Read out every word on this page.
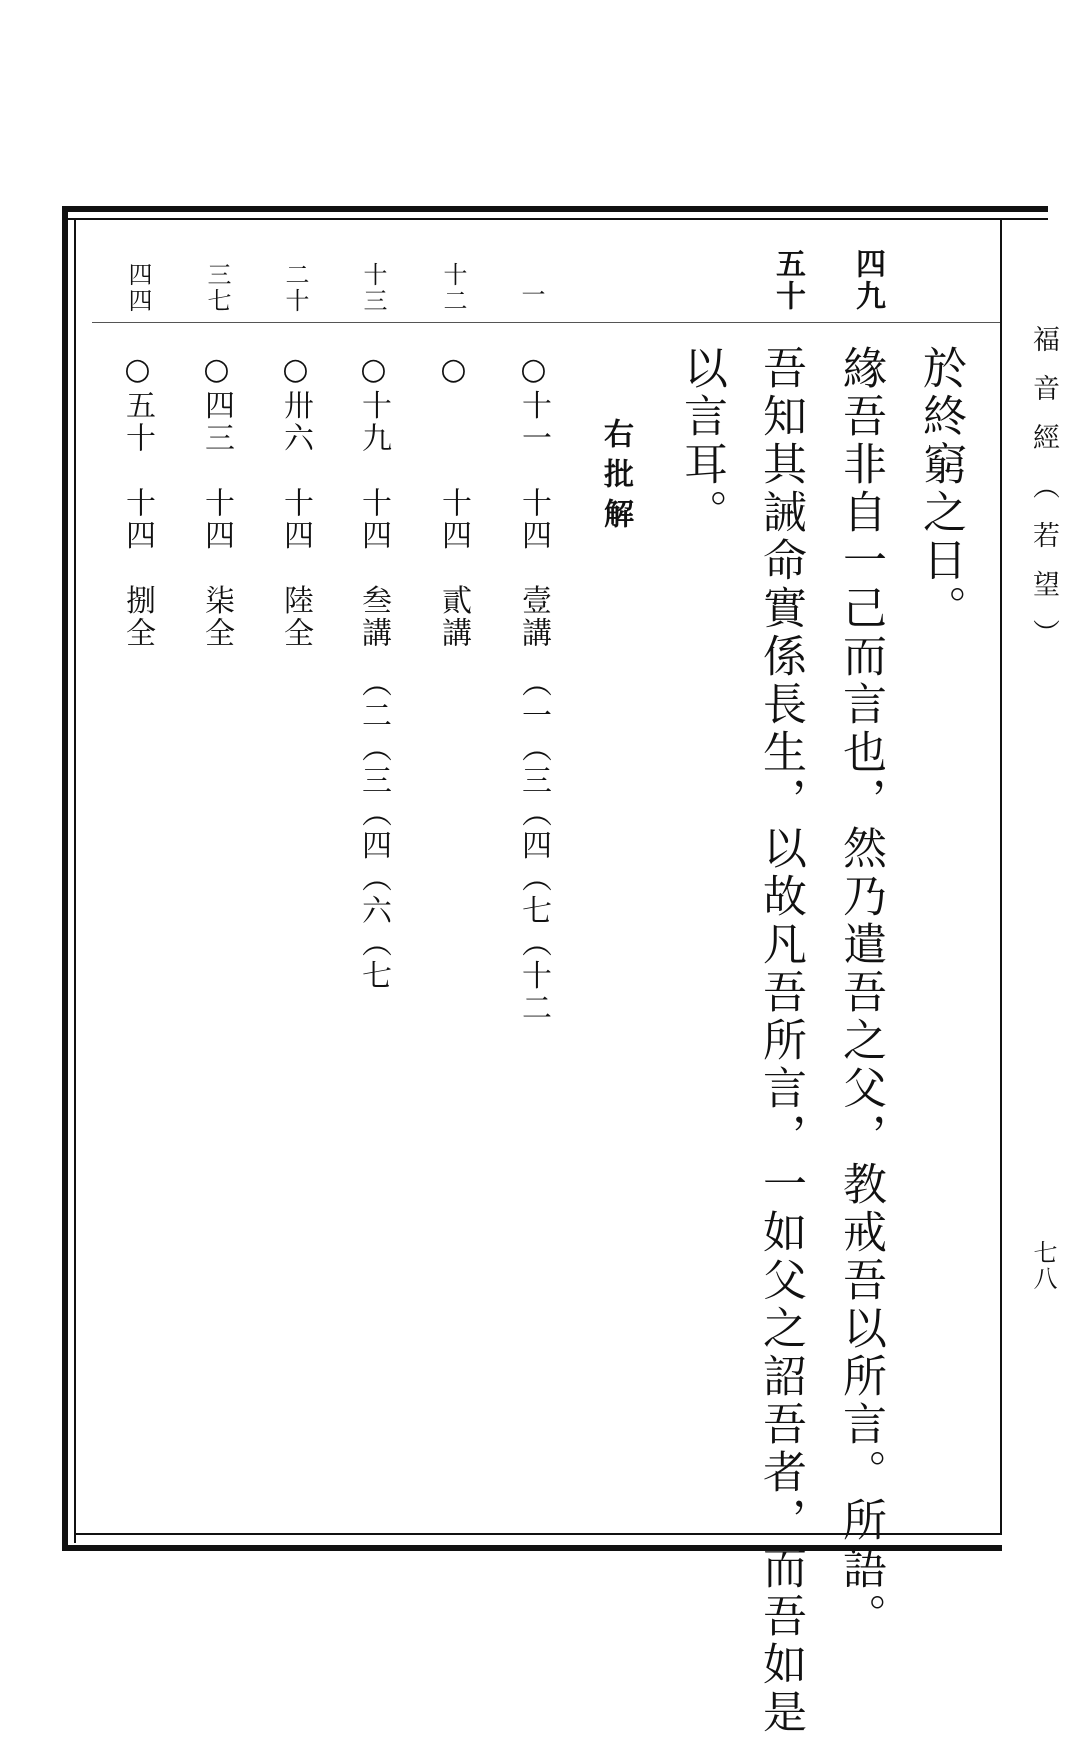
福音經（若望）
七八
四九
五十
於終窮之日。
緣吾非自一己而言也，然乃遣吾之父，教戒吾以所言。所語。
吾知其誡命實係長生，以故凡吾所言，一如父之詔吾者，而吾如是
以言耳。
右批解
一
十二
十三
二十
三七
四四
○十一　十四　壹講　（一（三（四（七（十二
○　　　十四　貳講
○十九　十四　叁講　（二（三（四（六（七
○卅六　十四　陸全
○四三　十四　柒全
○五十　十四　捌全
